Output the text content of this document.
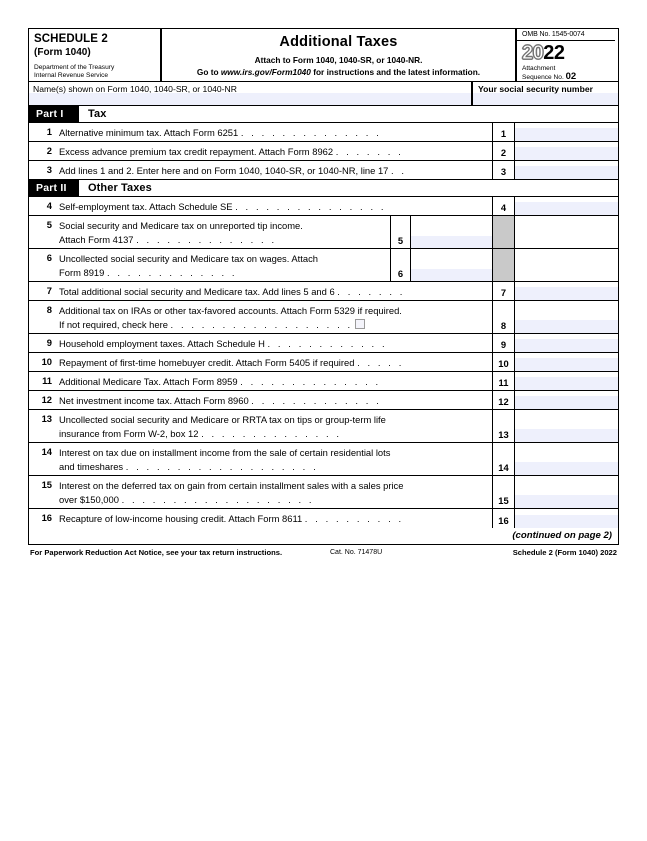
SCHEDULE 2
(Form 1040)
Department of the Treasury
Internal Revenue Service
Additional Taxes
Attach to Form 1040, 1040-SR, or 1040-NR.
Go to www.irs.gov/Form1040 for instructions and the latest information.
OMB No. 1545-0074
2022
Attachment
Sequence No. 02
Name(s) shown on Form 1040, 1040-SR, or 1040-NR	Your social security number
Part I	Tax
1 Alternative minimum tax. Attach Form 6251 . . . . . . . . . . . . . .	1
2 Excess advance premium tax credit repayment. Attach Form 8962 . . . . . . .	2
3 Add lines 1 and 2. Enter here and on Form 1040, 1040-SR, or 1040-NR, line 17 . .	3
Part II	Other Taxes
4 Self-employment tax. Attach Schedule SE . . . . . . . . . . . . . . .	4
5 Social security and Medicare tax on unreported tip income.
Attach Form 4137 . . . . . . . . . . . . . .	5
6 Uncollected social security and Medicare tax on wages. Attach
Form 8919 . . . . . . . . . . . . .	6
7 Total additional social security and Medicare tax. Add lines 5 and 6 . . . . . . .	7
8 Additional tax on IRAs or other tax-favored accounts. Attach Form 5329 if required.
If not required, check here . . . . . . . . . . . . . . . . . .	8
9 Household employment taxes. Attach Schedule H . . . . . . . . . . . .	9
10 Repayment of first-time homebuyer credit. Attach Form 5405 if required . . . . .	10
11 Additional Medicare Tax. Attach Form 8959 . . . . . . . . . . . . . .	11
12 Net investment income tax. Attach Form 8960 . . . . . . . . . . . . .	12
13 Uncollected social security and Medicare or RRTA tax on tips or group-term life
insurance from Form W-2, box 12 . . . . . . . . . . . . . .	13
14 Interest on tax due on installment income from the sale of certain residential lots
and timeshares . . . . . . . . . . . . . . . . . . .	14
15 Interest on the deferred tax on gain from certain installment sales with a sales price
over $150,000 . . . . . . . . . . . . . . . . . . .	15
16 Recapture of low-income housing credit. Attach Form 8611 . . . . . . . . . .	16
(continued on page 2)
For Paperwork Reduction Act Notice, see your tax return instructions.	Cat. No. 71478U	Schedule 2 (Form 1040) 2022
